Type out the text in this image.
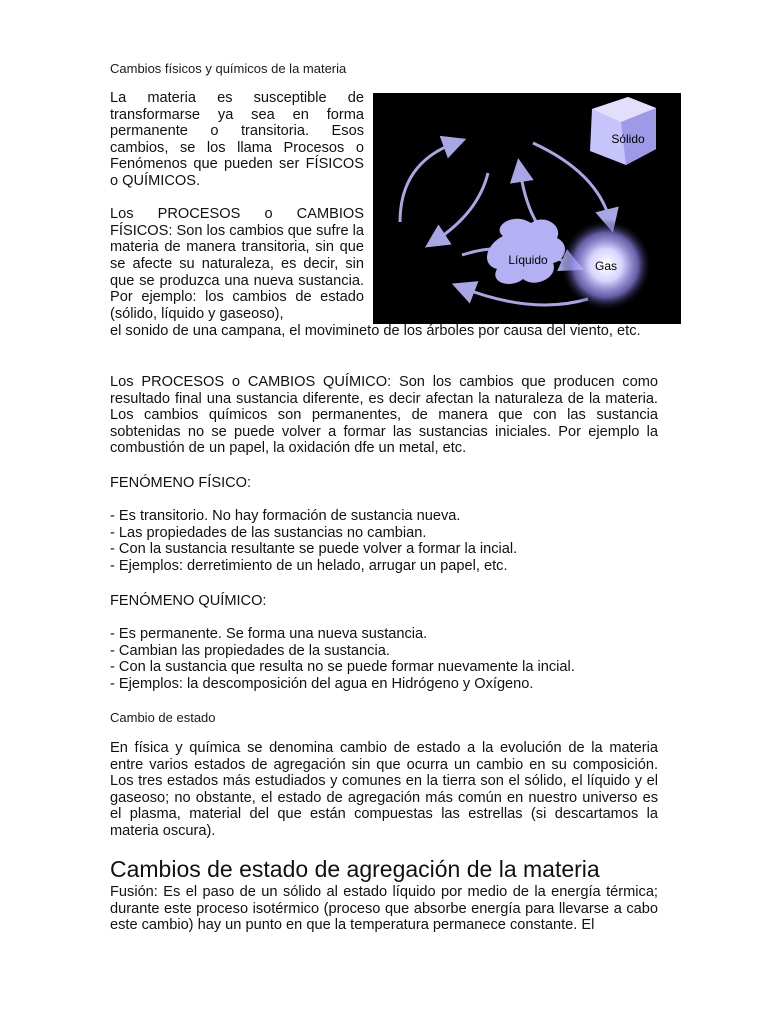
Cambios físicos y químicos de la materia

La materia es susceptible de transformarse ya sea en forma permanente o transitoria. Esos cambios, se los llama Procesos o Fenómenos que pueden ser FÍSICOS o QUÍMICOS.

Los PROCESOS o CAMBIOS FÍSICOS: Son los cambios que sufre la materia de manera transitoria, sin que se afecte su naturaleza, es decir, sin que se produzca una nueva sustancia. Por ejemplo: los cambios de estado (sólido, líquido y gaseoso),

Sólido
Líquido	Gas

el sonido de una campana, el movimineto de los árboles por causa del viento, etc.

Los PROCESOS o CAMBIOS QUÍMICO: Son los cambios que producen como resultado final una sustancia diferente, es decir afectan la naturaleza de la materia. Los cambios químicos son permanentes, de manera que con las sustancia sobtenidas no se puede volver a formar las sustancias iniciales. Por ejemplo la combustión de un papel, la oxidación dfe un metal, etc.

FENÓMENO FÍSICO:

- Es transitorio. No hay formación de sustancia nueva.
- Las propiedades de las sustancias no cambian.
- Con la sustancia resultante se puede volver a formar la incial.
- Ejemplos: derretimiento de un helado, arrugar un papel, etc.

FENÓMENO QUÍMICO:

- Es permanente. Se forma una nueva sustancia.
- Cambian las propiedades de la sustancia.
- Con la sustancia que resulta no se puede formar nuevamente la incial.
- Ejemplos: la descomposición del agua en Hidrógeno y Oxígeno.

Cambio de estado

En física y química se denomina cambio de estado a la evolución de la materia entre varios estados de agregación sin que ocurra un cambio en su composición. Los tres estados más estudiados y comunes en la tierra son el sólido, el líquido y el gaseoso; no obstante, el estado de agregación más común en nuestro universo es el plasma, material del que están compuestas las estrellas (si descartamos la materia oscura).

Cambios de estado de agregación de la materia

Fusión: Es el paso de un sólido al estado líquido por medio de la energía térmica; durante este proceso isotérmico (proceso que absorbe energía para llevarse a cabo este cambio) hay un punto en que la temperatura permanece constante. El
